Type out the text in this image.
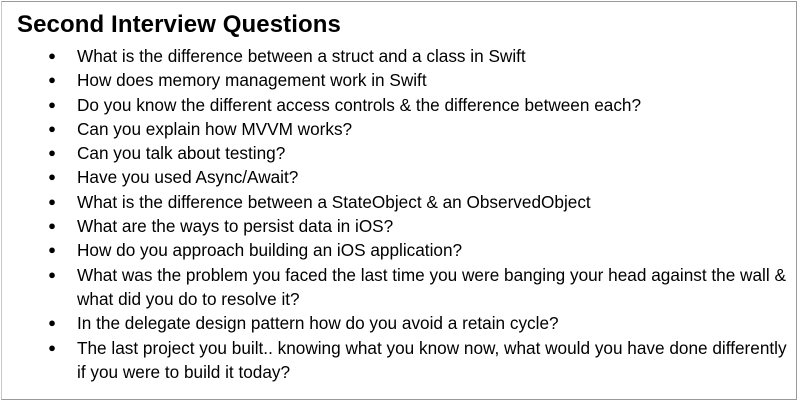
Second Interview Questions
● What is the difference between a struct and a class in Swift
● How does memory management work in Swift
● Do you know the different access controls & the difference between each?
● Can you explain how MVVM works?
● Can you talk about testing?
● Have you used Async/Await?
● What is the difference between a StateObject & an ObservedObject
● What are the ways to persist data in iOS?
● How do you approach building an iOS application?
● What was the problem you faced the last time you were banging your head against the wall & what did you do to resolve it?
● In the delegate design pattern how do you avoid a retain cycle?
● The last project you built.. knowing what you know now, what would you have done differently if you were to build it today?
